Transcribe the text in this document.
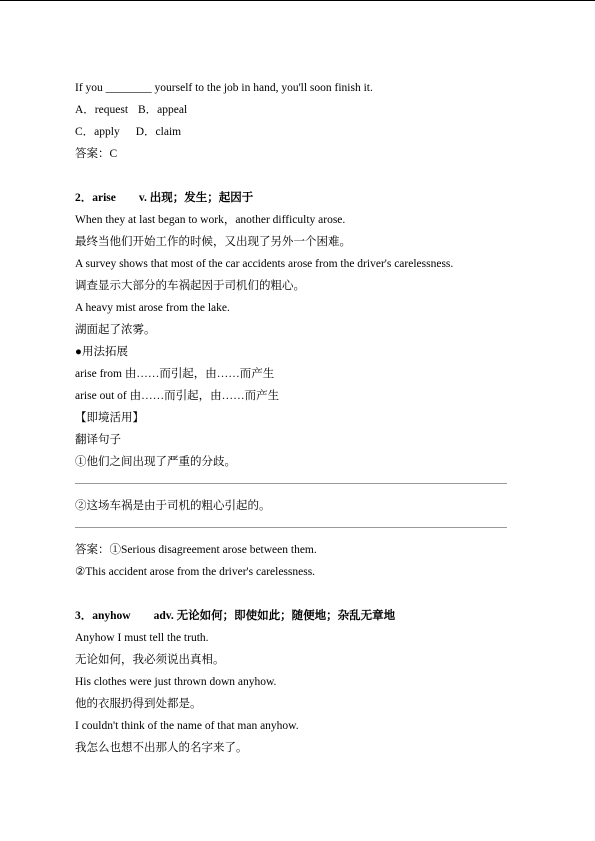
If you ________ yourself to the job in hand, you'll soon finish it.
A．request B．appeal
C．apply D．claim
答案：C
2．arise　　v. 出现；发生；起因于
When they at last began to work，another difficulty arose.
最终当他们开始工作的时候，又出现了另外一个困难。
A survey shows that most of the car accidents arose from the driver's carelessness.
调查显示大部分的车祸起因于司机们的粗心。
A heavy mist arose from the lake.
湖面起了浓雾。
●用法拓展
arise from 由……而引起，由……而产生
arise out of 由……而引起，由……而产生
【即境活用】
翻译句子
①他们之间出现了严重的分歧。
②这场车祸是由于司机的粗心引起的。
答案：①Serious disagreement arose between them.
②This accident arose from the driver's carelessness.
3．anyhow　　adv. 无论如何；即使如此；随便地；杂乱无章地
Anyhow I must tell the truth.
无论如何，我必须说出真相。
His clothes were just thrown down anyhow.
他的衣服扔得到处都是。
I couldn't think of the name of that man anyhow.
我怎么也想不出那人的名字来了。
